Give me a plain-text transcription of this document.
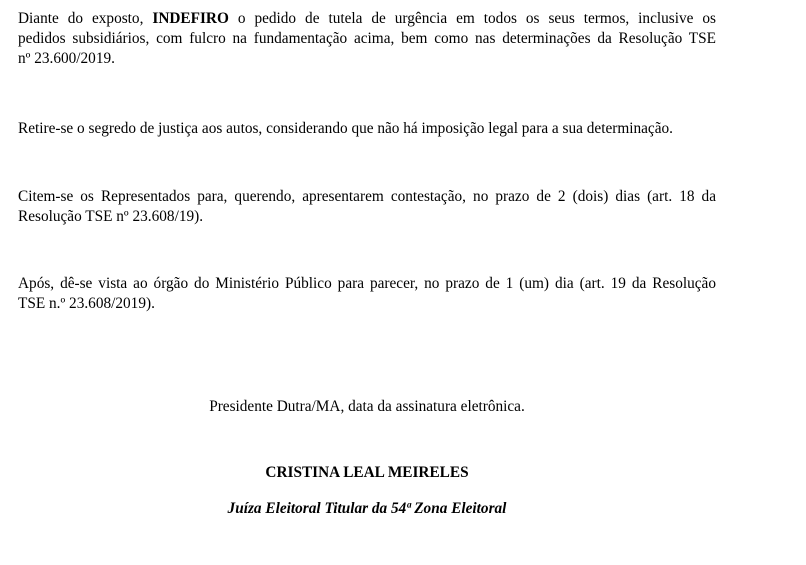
Diante do exposto, INDEFIRO o pedido de tutela de urgência em todos os seus termos, inclusive os
pedidos subsidiários, com fulcro na fundamentação acima, bem como nas determinações da Resolução TSE
nº 23.600/2019.

Retire-se o segredo de justiça aos autos, considerando que não há imposição legal para a sua determinação.

Citem-se os Representados para, querendo, apresentarem contestação, no prazo de 2 (dois) dias (art. 18 da
Resolução TSE nº 23.608/19).

Após, dê-se vista ao órgão do Ministério Público para parecer, no prazo de 1 (um) dia (art. 19 da Resolução
TSE n.º 23.608/2019).

Presidente Dutra/MA, data da assinatura eletrônica.

CRISTINA LEAL MEIRELES

Juíza Eleitoral Titular da 54ª Zona Eleitoral
